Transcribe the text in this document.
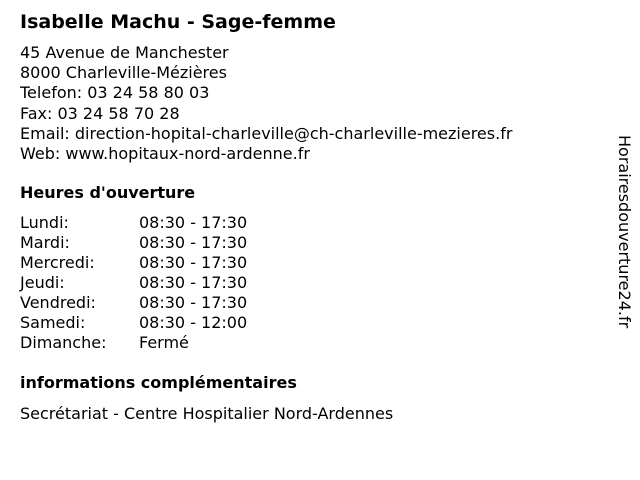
Isabelle Machu - Sage-femme
45 Avenue de Manchester
8000 Charleville-Mézières
Telefon: 03 24 58 80 03
Fax: 03 24 58 70 28
Email: direction-hopital-charleville@ch-charleville-mezieres.fr
Web: www.hopitaux-nord-ardenne.fr
Heures d'ouverture
Lundi:	08:30 - 17:30
Mardi:	08:30 - 17:30
Mercredi:	08:30 - 17:30
Jeudi:	08:30 - 17:30
Vendredi:	08:30 - 17:30
Samedi:	08:30 - 12:00
Dimanche:	Fermé
informations complémentaires
Secrétariat - Centre Hospitalier Nord-Ardennes
Horairesdouverture24.fr
